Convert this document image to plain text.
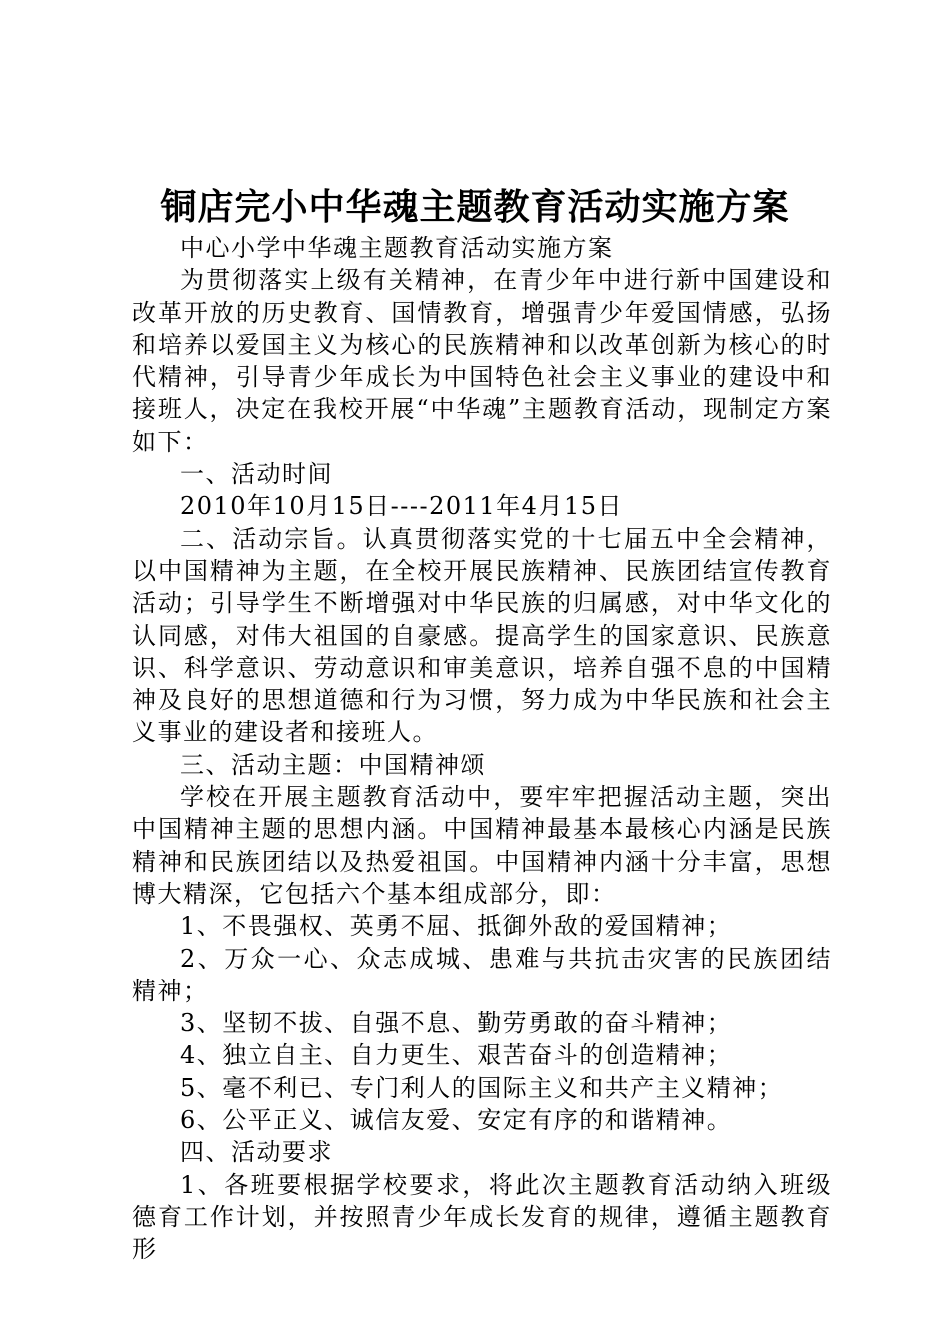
铜店完小中华魂主题教育活动实施方案

中心小学中华魂主题教育活动实施方案

为贯彻落实上级有关精神，在青少年中进行新中国建设和改革开放的历史教育、国情教育，增强青少年爱国情感，弘扬和培养以爱国主义为核心的民族精神和以改革创新为核心的时代精神，引导青少年成长为中国特色社会主义事业的建设中和接班人，决定在我校开展“中华魂”主题教育活动，现制定方案如下：

一、活动时间

2010年10月15日----2011年4月15日

二、活动宗旨。认真贯彻落实党的十七届五中全会精神，以中国精神为主题，在全校开展民族精神、民族团结宣传教育活动；引导学生不断增强对中华民族的归属感，对中华文化的认同感，对伟大祖国的自豪感。提高学生的国家意识、民族意识、科学意识、劳动意识和审美意识，培养自强不息的中国精神及良好的思想道德和行为习惯，努力成为中华民族和社会主义事业的建设者和接班人。

三、活动主题：中国精神颂

学校在开展主题教育活动中，要牢牢把握活动主题，突出中国精神主题的思想内涵。中国精神最基本最核心内涵是民族精神和民族团结以及热爱祖国。中国精神内涵十分丰富，思想博大精深，它包括六个基本组成部分，即：

1、不畏强权、英勇不屈、抵御外敌的爱国精神；

2、万众一心、众志成城、患难与共抗击灾害的民族团结精神；

3、坚韧不拔、自强不息、勤劳勇敢的奋斗精神；

4、独立自主、自力更生、艰苦奋斗的创造精神；

5、毫不利已、专门利人的国际主义和共产主义精神；

6、公平正义、诚信友爱、安定有序的和谐精神。

四、活动要求

1、各班要根据学校要求，将此次主题教育活动纳入班级德育工作计划，并按照青少年成长发育的规律，遵循主题教育形
